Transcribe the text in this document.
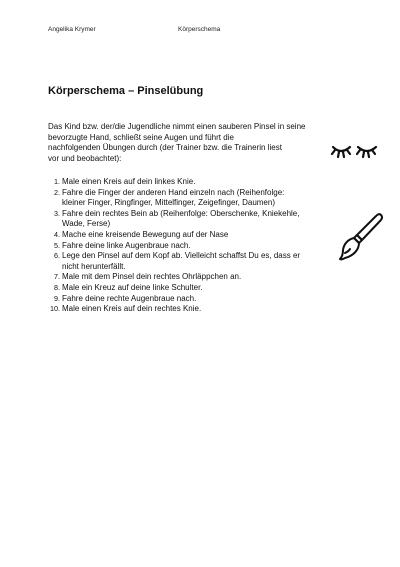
Angelika Krymer	Körperschema
Körperschema – Pinselübung
Das Kind bzw. der/die Jugendliche nimmt einen sauberen Pinsel in seine
bevorzugte Hand, schließt seine Augen und führt die
nachfolgenden Übungen durch (der Trainer bzw. die Trainerin liest
vor und beobachtet):
1. Male einen Kreis auf dein linkes Knie.
2. Fahre die Finger der anderen Hand einzeln nach (Reihenfolge:
kleiner Finger, Ringfinger, Mittelfinger, Zeigefinger, Daumen)
3. Fahre dein rechtes Bein ab (Reihenfolge: Oberschenke, Kniekehle,
Wade, Ferse)
4. Mache eine kreisende Bewegung auf der Nase
5. Fahre deine linke Augenbraue nach.
6. Lege den Pinsel auf dem Kopf ab. Vielleicht schaffst Du es, dass er
nicht herunterfällt.
7. Male mit dem Pinsel dein rechtes Ohrläppchen an.
8. Male ein Kreuz auf deine linke Schulter.
9. Fahre deine rechte Augenbraue nach.
10. Male einen Kreis auf dein rechtes Knie.
